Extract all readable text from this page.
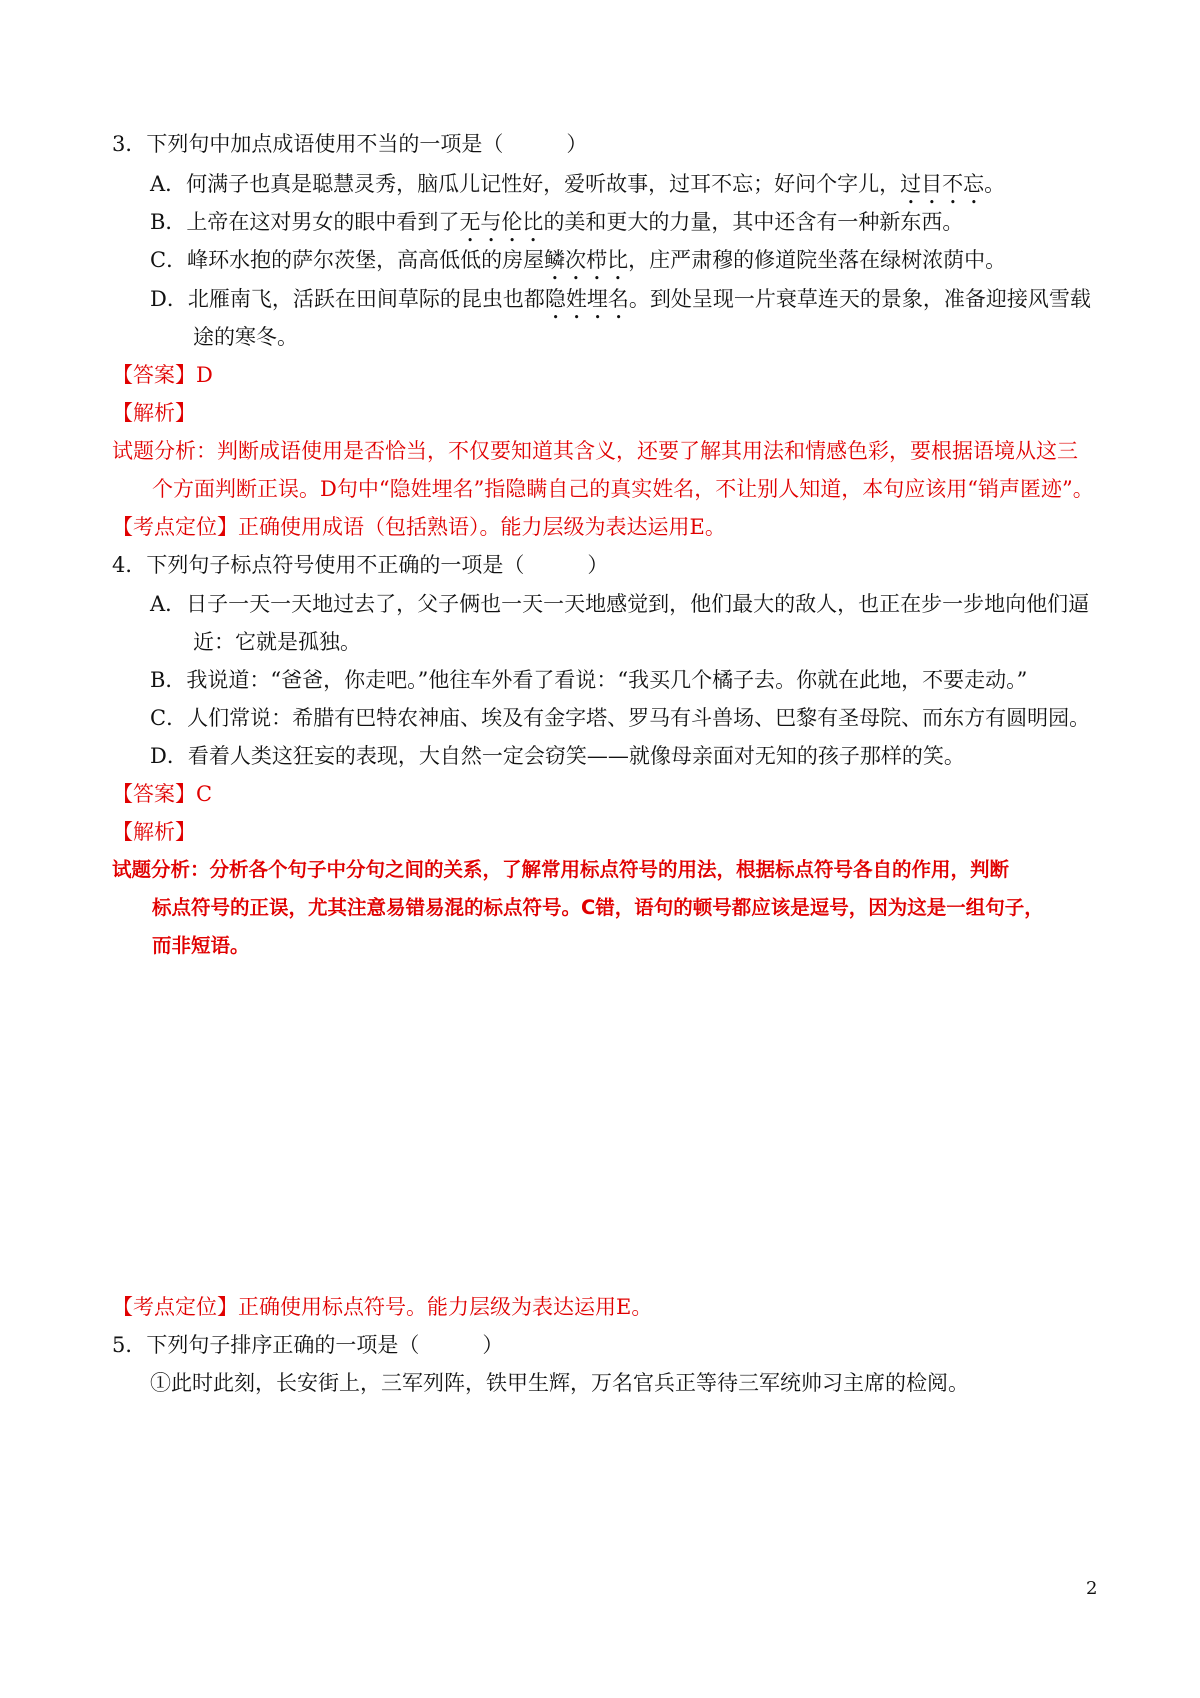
3．下列句中加点成语使用不当的一项是（　　　）
A．何满子也真是聪慧灵秀，脑瓜儿记性好，爱听故事，过耳不忘；好问个字儿，过目不忘。
B．上帝在这对男女的眼中看到了无与伦比的美和更大的力量，其中还含有一种新东西。
C．峰环水抱的萨尔茨堡，高高低低的房屋鳞次栉比，庄严肃穆的修道院坐落在绿树浓荫中。
D．北雁南飞，活跃在田间草际的昆虫也都隐姓埋名。到处呈现一片衰草连天的景象，准备迎接风雪载
途的寒冬。
【答案】D
【解析】
试题分析：判断成语使用是否恰当，不仅要知道其含义，还要了解其用法和情感色彩，要根据语境从这三
个方面判断正误。D句中“隐姓埋名”指隐瞒自己的真实姓名，不让别人知道，本句应该用“销声匿迹”。
【考点定位】正确使用成语（包括熟语）。能力层级为表达运用E。
4．下列句子标点符号使用不正确的一项是（　　　）
A．日子一天一天地过去了，父子俩也一天一天地感觉到，他们最大的敌人，也正在步一步地向他们逼
近：它就是孤独。
B．我说道：“爸爸，你走吧。”他往车外看了看说：“我买几个橘子去。你就在此地，不要走动。”
C．人们常说：希腊有巴特农神庙、埃及有金字塔、罗马有斗兽场、巴黎有圣母院、而东方有圆明园。
D．看着人类这狂妄的表现，大自然一定会窃笑——就像母亲面对无知的孩子那样的笑。
【答案】C
【解析】
试题分析：分析各个句子中分句之间的关系，了解常用标点符号的用法，根据标点符号各自的作用，判断
标点符号的正误，尤其注意易错易混的标点符号。C错，语句的顿号都应该是逗号，因为这是一组句子，
而非短语。
【考点定位】正确使用标点符号。能力层级为表达运用E。
5．下列句子排序正确的一项是（　　　）
①此时此刻，长安街上，三军列阵，铁甲生辉，万名官兵正等待三军统帅习主席的检阅。
2
